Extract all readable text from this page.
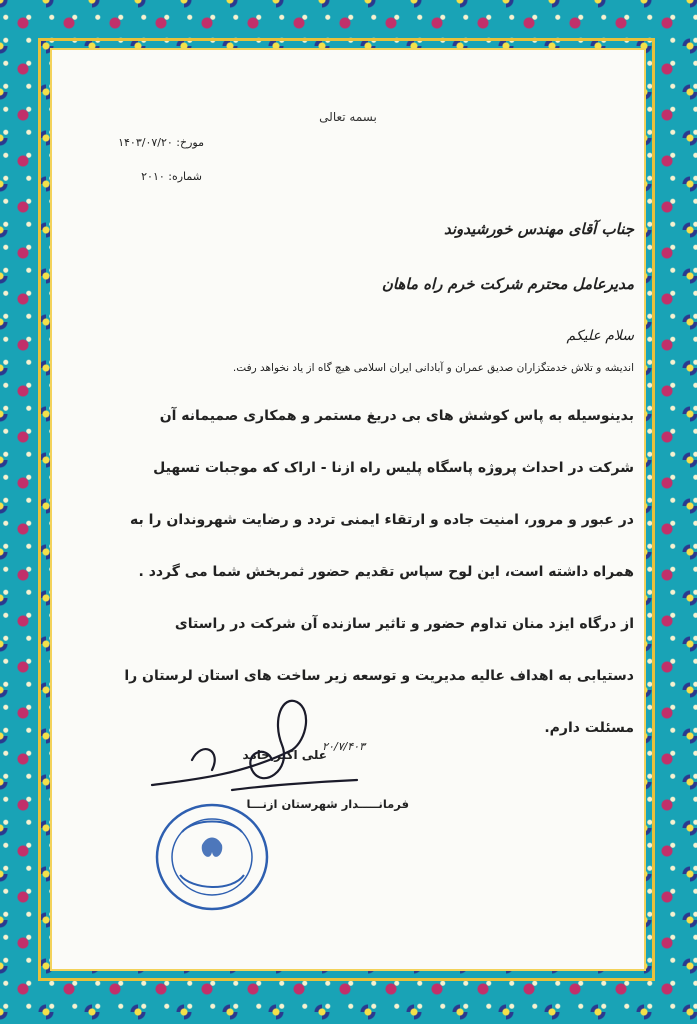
بسمه تعالی
مورخ: ۱۴۰۳/۰۷/۲۰
شماره: ۲۰۱۰
جناب آقای مهندس خورشیدوند
مدیرعامل محترم شرکت خرم راه ماهان
سلام علیکم
اندیشه و تلاش خدمتگزاران صدیق عمران و آبادانی ایران اسلامی هیچ گاه از یاد نخواهد رفت.

بدینوسیله به پاس کوشش های بی دریغ مستمر و همکاری صمیمانه آن

شرکت در احداث پروژه پاسگاه پلیس راه ازنا - اراک که موجبات تسهیل

در عبور و مرور، امنیت جاده و ارتقاء ایمنی تردد و رضایت شهروندان را به

همراه داشته است، این لوح سپاس تقدیم حضور ثمربخش شما می گردد .

از درگاه ایزد منان تداوم حضور و تاثیر سازنده آن شرکت در راستای

دستیابی به اهداف عالیه مدیریت و توسعه زیر ساخت های استان لرستان را

مسئلت دارم.

۲۰/۷/۴۰۳
علی اکبر حامد
فرمانـــــدار شهرستان ازنـــا
